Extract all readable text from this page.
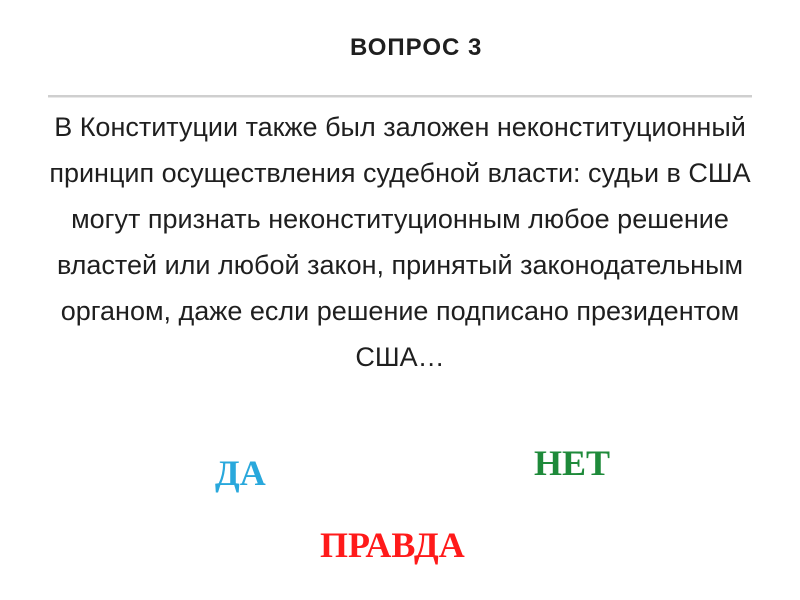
ВОПРОС 3

В Конституции также был заложен неконституционный принцип осуществления судебной власти: судьи в США могут признать неконституционным любое решение властей или любой закон, принятый законодательным органом, даже если решение подписано президентом США…

ДА	НЕТ
ПРАВДА
